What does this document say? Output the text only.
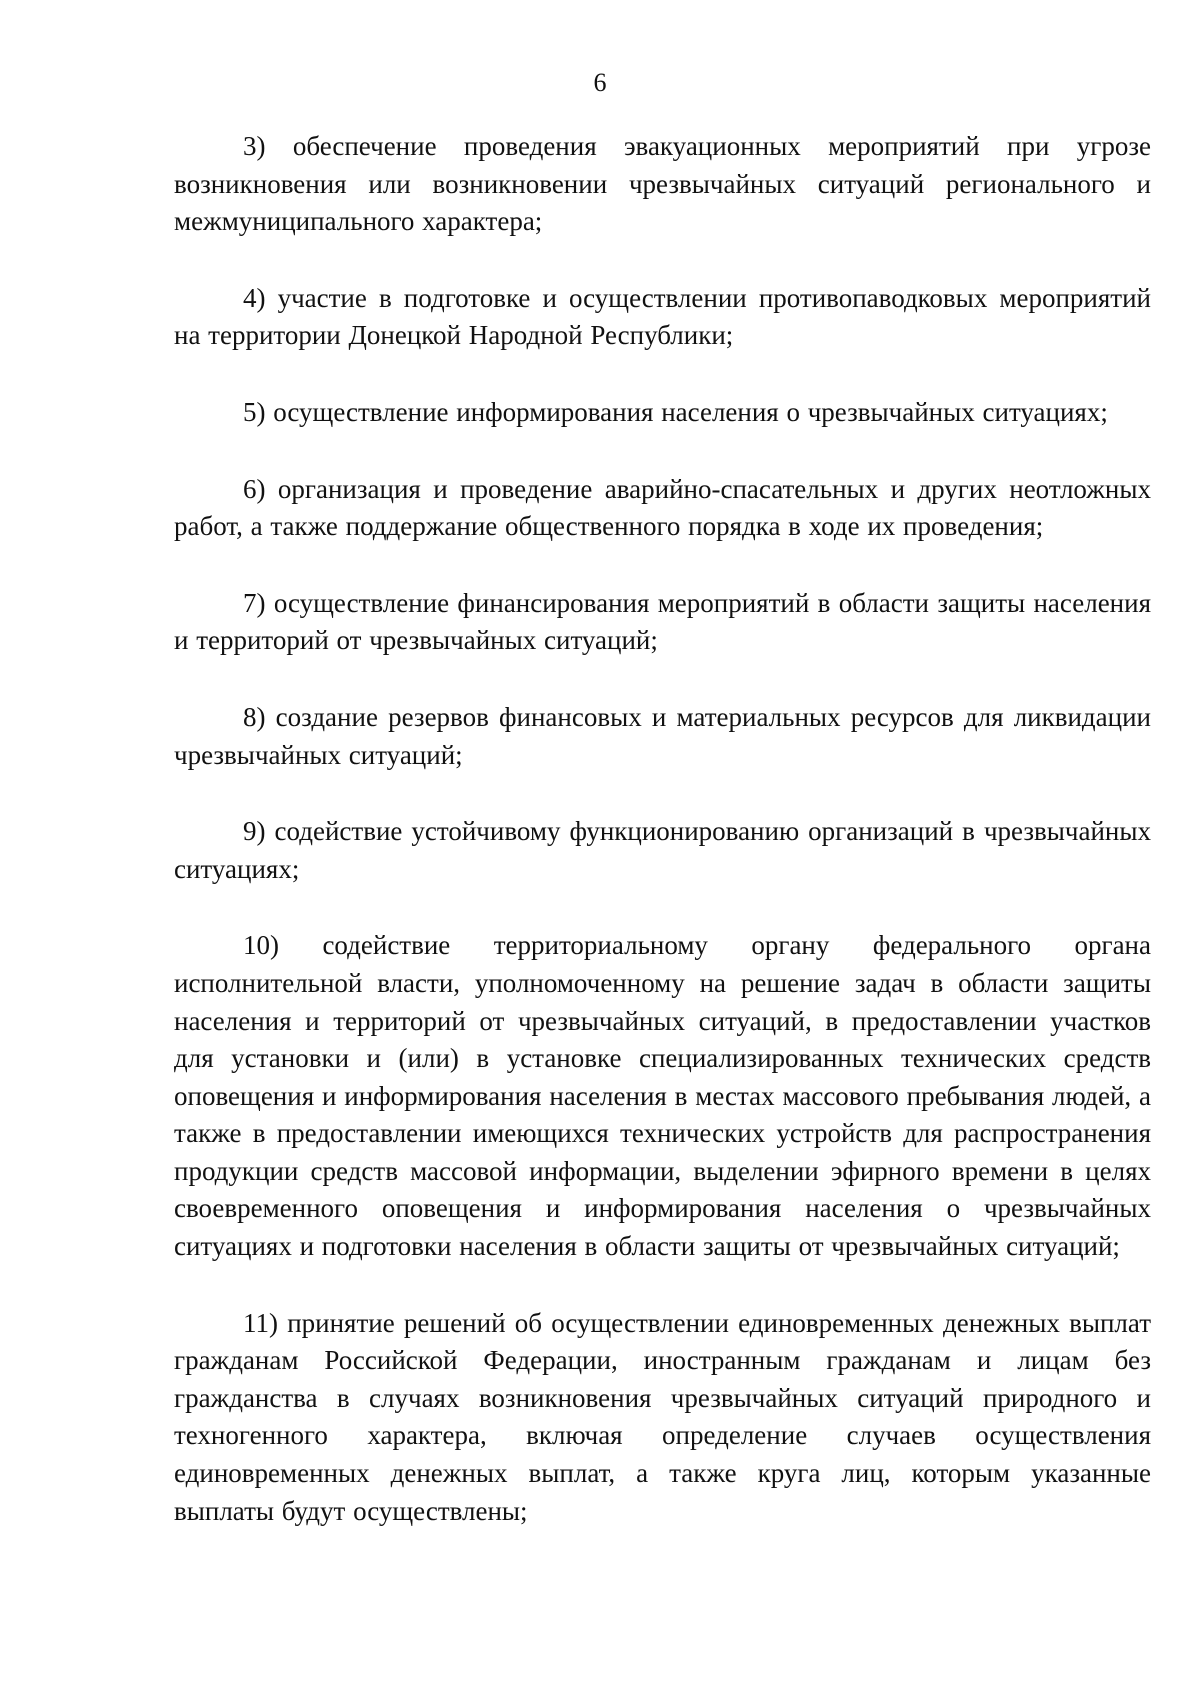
6

3) обеспечение проведения эвакуационных мероприятий при угрозе возникновения или возникновении чрезвычайных ситуаций регионального и межмуниципального характера;

4) участие в подготовке и осуществлении противопаводковых мероприятий на территории Донецкой Народной Республики;

5) осуществление информирования населения о чрезвычайных ситуациях;

6) организация и проведение аварийно-спасательных и других неотложных работ, а также поддержание общественного порядка в ходе их проведения;

7) осуществление финансирования мероприятий в области защиты населения и территорий от чрезвычайных ситуаций;

8) создание резервов финансовых и материальных ресурсов для ликвидации чрезвычайных ситуаций;

9) содействие устойчивому функционированию организаций в чрезвычайных ситуациях;

10) содействие территориальному органу федерального органа исполнительной власти, уполномоченному на решение задач в области защиты населения и территорий от чрезвычайных ситуаций, в предоставлении участков для установки и (или) в установке специализированных технических средств оповещения и информирования населения в местах массового пребывания людей, а также в предоставлении имеющихся технических устройств для распространения продукции средств массовой информации, выделении эфирного времени в целях своевременного оповещения и информирования населения о чрезвычайных ситуациях и подготовки населения в области защиты от чрезвычайных ситуаций;

11) принятие решений об осуществлении единовременных денежных выплат гражданам Российской Федерации, иностранным гражданам и лицам без гражданства в случаях возникновения чрезвычайных ситуаций природного и техногенного характера, включая определение случаев осуществления единовременных денежных выплат, а также круга лиц, которым указанные выплаты будут осуществлены;
